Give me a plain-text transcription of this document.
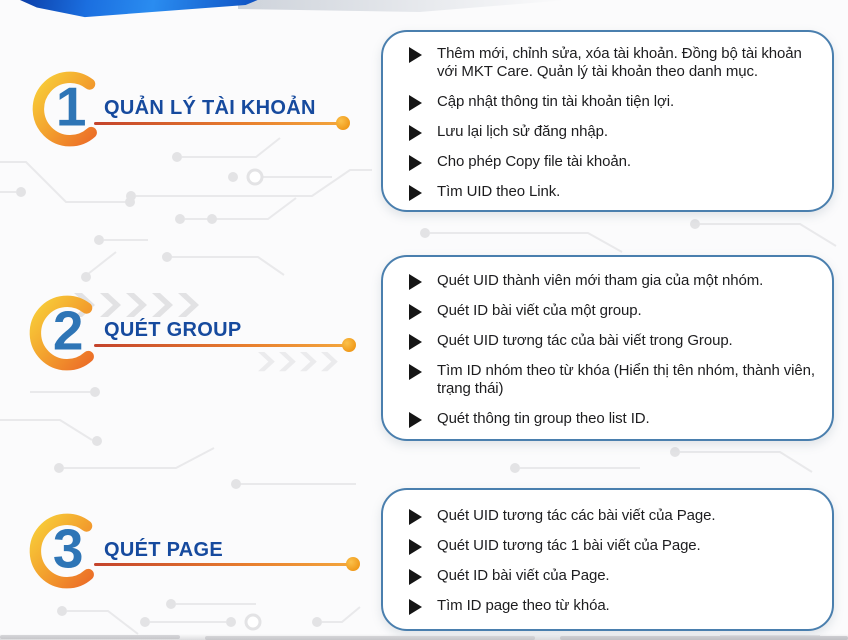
1 QUẢN LÝ TÀI KHOẢN
Thêm mới, chỉnh sửa, xóa tài khoản. Đồng bộ tài khoản với MKT Care. Quản lý tài khoản theo danh mục.
Cập nhật thông tin tài khoản tiện lợi.
Lưu lại lịch sử đăng nhập.
Cho phép Copy file tài khoản.
Tìm UID theo Link.
2 QUÉT GROUP
Quét UID thành viên mới tham gia của một nhóm.
Quét ID bài viết của một group.
Quét UID tương tác của bài viết trong Group.
Tìm ID nhóm theo từ khóa (Hiển thị tên nhóm, thành viên, trạng thái)
Quét thông tin group theo list ID.
3 QUÉT PAGE
Quét UID tương tác các bài viết của Page.
Quét UID tương tác 1 bài viết của Page.
Quét ID bài viết của Page.
Tìm ID page theo từ khóa.
